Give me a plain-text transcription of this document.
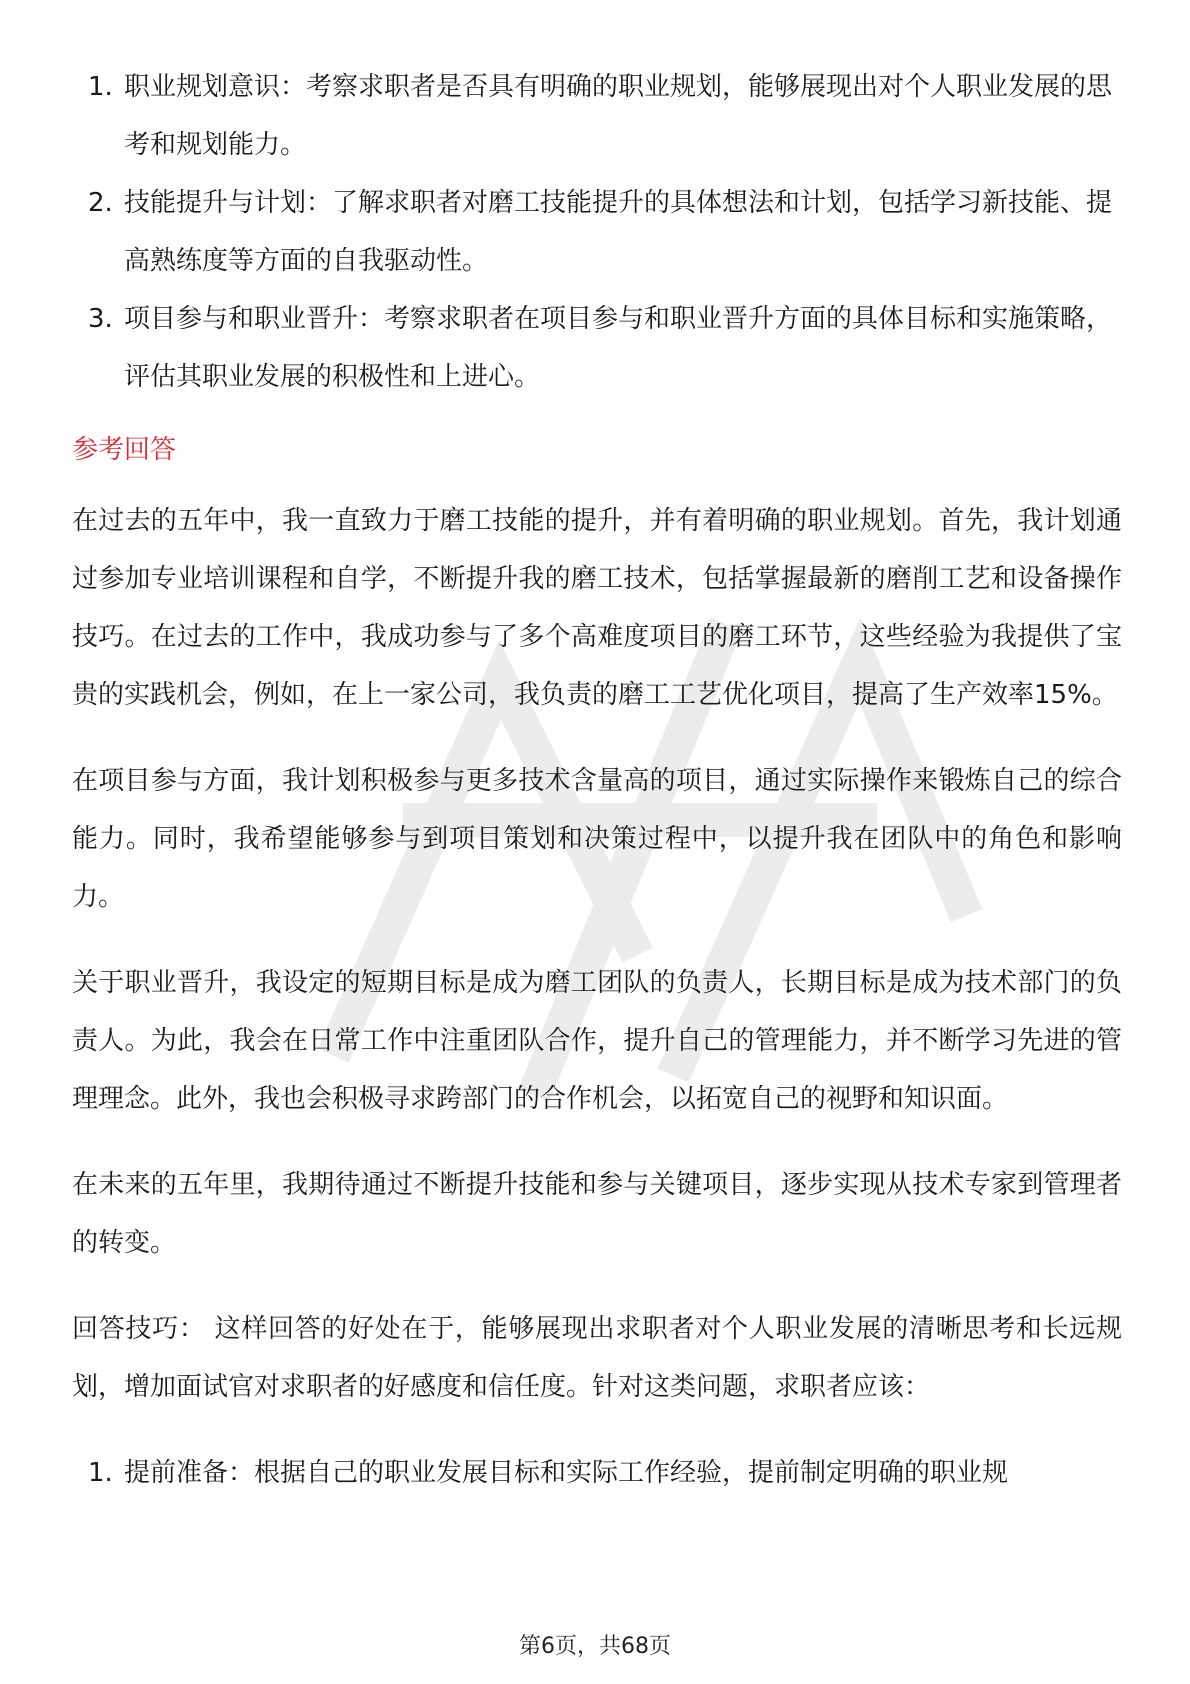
1. 职业规划意识：考察求职者是否具有明确的职业规划，能够展现出对个人职业发展的思考和规划能力。
2. 技能提升与计划：了解求职者对磨工技能提升的具体想法和计划，包括学习新技能、提高熟练度等方面的自我驱动性。
3. 项目参与和职业晋升：考察求职者在项目参与和职业晋升方面的具体目标和实施策略，评估其职业发展的积极性和上进心。
参考回答

在过去的五年中，我一直致力于磨工技能的提升，并有着明确的职业规划。首先，我计划通过参加专业培训课程和自学，不断提升我的磨工技术，包括掌握最新的磨削工艺和设备操作技巧。在过去的工作中，我成功参与了多个高难度项目的磨工环节，这些经验为我提供了宝贵的实践机会，例如，在上一家公司，我负责的磨工工艺优化项目，提高了生产效率15%。

在项目参与方面，我计划积极参与更多技术含量高的项目，通过实际操作来锻炼自己的综合能力。同时，我希望能够参与到项目策划和决策过程中，以提升我在团队中的角色和影响力。

关于职业晋升，我设定的短期目标是成为磨工团队的负责人，长期目标是成为技术部门的负责人。为此，我会在日常工作中注重团队合作，提升自己的管理能力，并不断学习先进的管理理念。此外，我也会积极寻求跨部门的合作机会，以拓宽自己的视野和知识面。

在未来的五年里，我期待通过不断提升技能和参与关键项目，逐步实现从技术专家到管理者的转变。

回答技巧： 这样回答的好处在于，能够展现出求职者对个人职业发展的清晰思考和长远规划，增加面试官对求职者的好感度和信任度。针对这类问题，求职者应该：

1. 提前准备：根据自己的职业发展目标和实际工作经验，提前制定明确的职业规
第6页，共68页
